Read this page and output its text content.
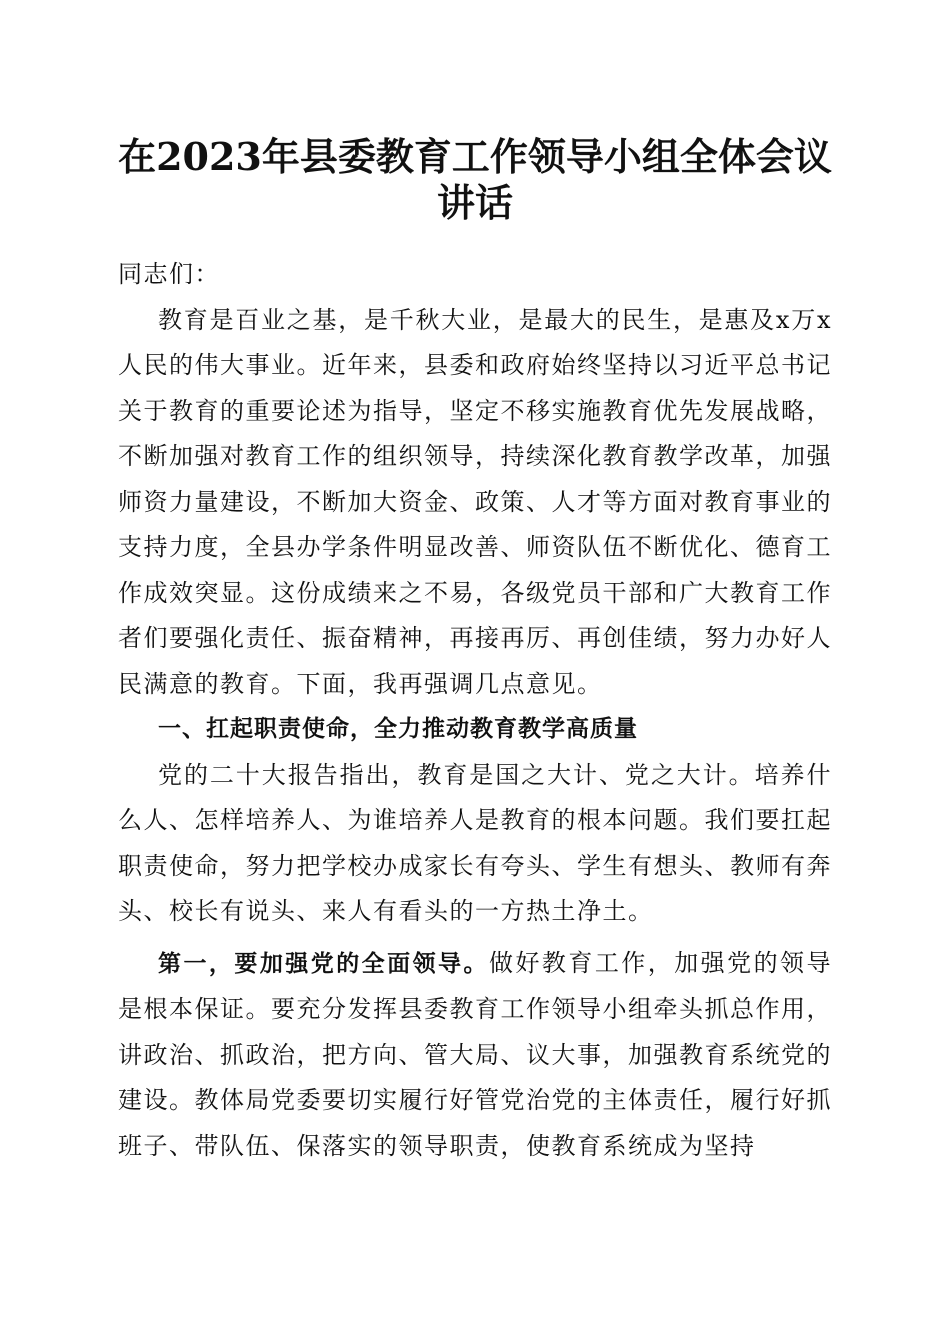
在2023年县委教育工作领导小组全体会议讲话

同志们：

教育是百业之基，是千秋大业，是最大的民生，是惠及x万x人民的伟大事业。近年来，县委和政府始终坚持以习近平总书记关于教育的重要论述为指导，坚定不移实施教育优先发展战略，不断加强对教育工作的组织领导，持续深化教育教学改革，加强师资力量建设，不断加大资金、政策、人才等方面对教育事业的支持力度，全县办学条件明显改善、师资队伍不断优化、德育工作成效突显。这份成绩来之不易，各级党员干部和广大教育工作者们要强化责任、振奋精神，再接再厉、再创佳绩，努力办好人民满意的教育。下面，我再强调几点意见。

一、扛起职责使命，全力推动教育教学高质量

党的二十大报告指出，教育是国之大计、党之大计。培养什么人、怎样培养人、为谁培养人是教育的根本问题。我们要扛起职责使命，努力把学校办成家长有夸头、学生有想头、教师有奔头、校长有说头、来人有看头的一方热土净土。

第一，要加强党的全面领导。做好教育工作，加强党的领导是根本保证。要充分发挥县委教育工作领导小组牵头抓总作用，讲政治、抓政治，把方向、管大局、议大事，加强教育系统党的建设。教体局党委要切实履行好管党治党的主体责任，履行好抓班子、带队伍、保落实的领导职责，使教育系统成为坚持
